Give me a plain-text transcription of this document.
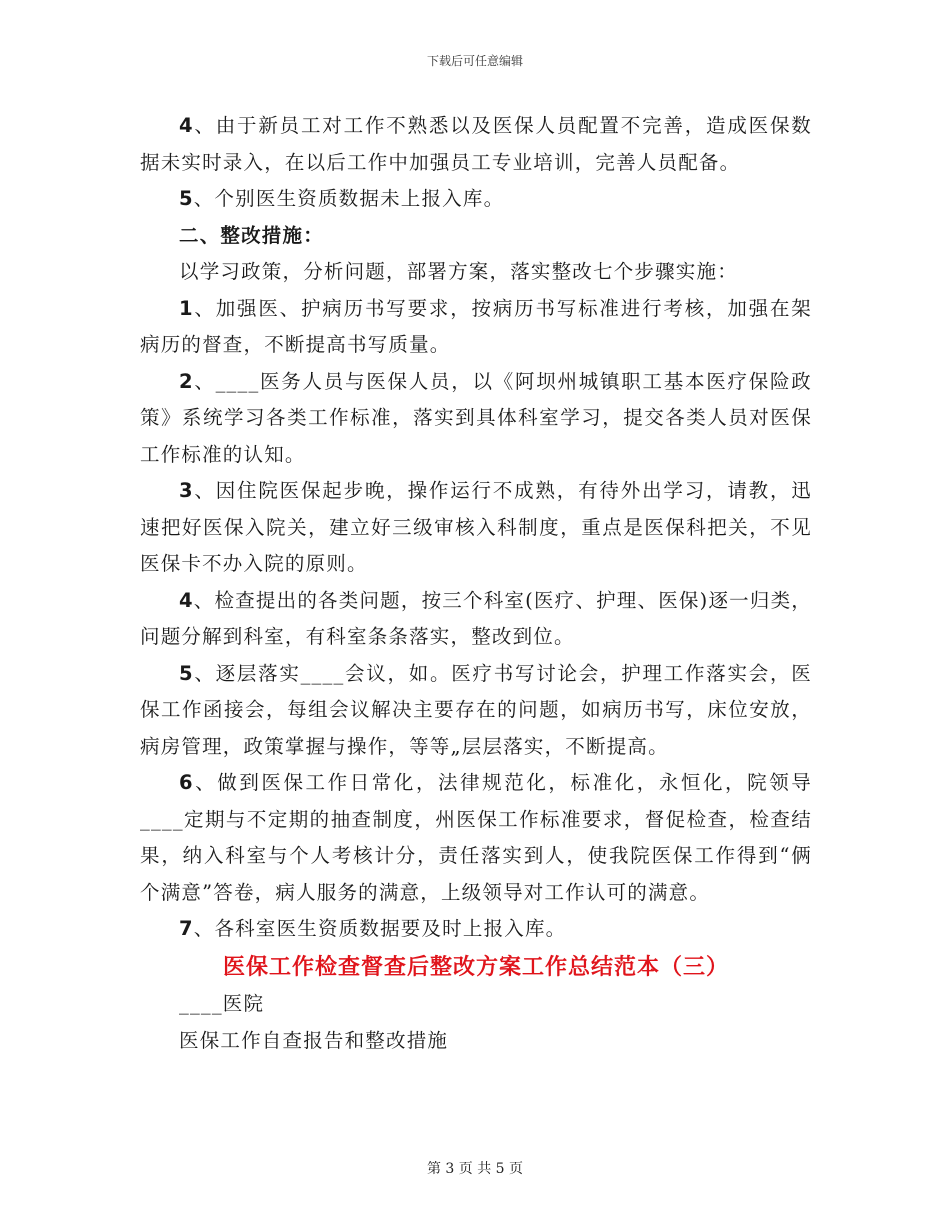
下载后可任意编辑

4、由于新员工对工作不熟悉以及医保人员配置不完善，造成医保数据未实时录入，在以后工作中加强员工专业培训，完善人员配备。

5、个别医生资质数据未上报入库。

二、整改措施：

以学习政策，分析问题，部署方案，落实整改七个步骤实施：

1、加强医、护病历书写要求，按病历书写标准进行考核，加强在架病历的督查，不断提高书写质量。

2、____医务人员与医保人员，以《阿坝州城镇职工基本医疗保险政策》系统学习各类工作标准，落实到具体科室学习，提交各类人员对医保工作标准的认知。

3、因住院医保起步晚，操作运行不成熟，有待外出学习，请教，迅速把好医保入院关，建立好三级审核入科制度，重点是医保科把关，不见医保卡不办入院的原则。

4、检查提出的各类问题，按三个科室(医疗、护理、医保)逐一归类，问题分解到科室，有科室条条落实，整改到位。

5、逐层落实____会议，如。医疗书写讨论会，护理工作落实会，医保工作函接会，每组会议解决主要存在的问题，如病历书写，床位安放，病房管理，政策掌握与操作，等等„层层落实，不断提高。

6、做到医保工作日常化，法律规范化，标准化，永恒化，院领导____定期与不定期的抽查制度，州医保工作标准要求，督促检查，检查结果，纳入科室与个人考核计分，责任落实到人，使我院医保工作得到“俩个满意”答卷，病人服务的满意，上级领导对工作认可的满意。

7、各科室医生资质数据要及时上报入库。

医保工作检查督查后整改方案工作总结范本（三）

____医院

医保工作自查报告和整改措施

第 3 页 共 5 页
